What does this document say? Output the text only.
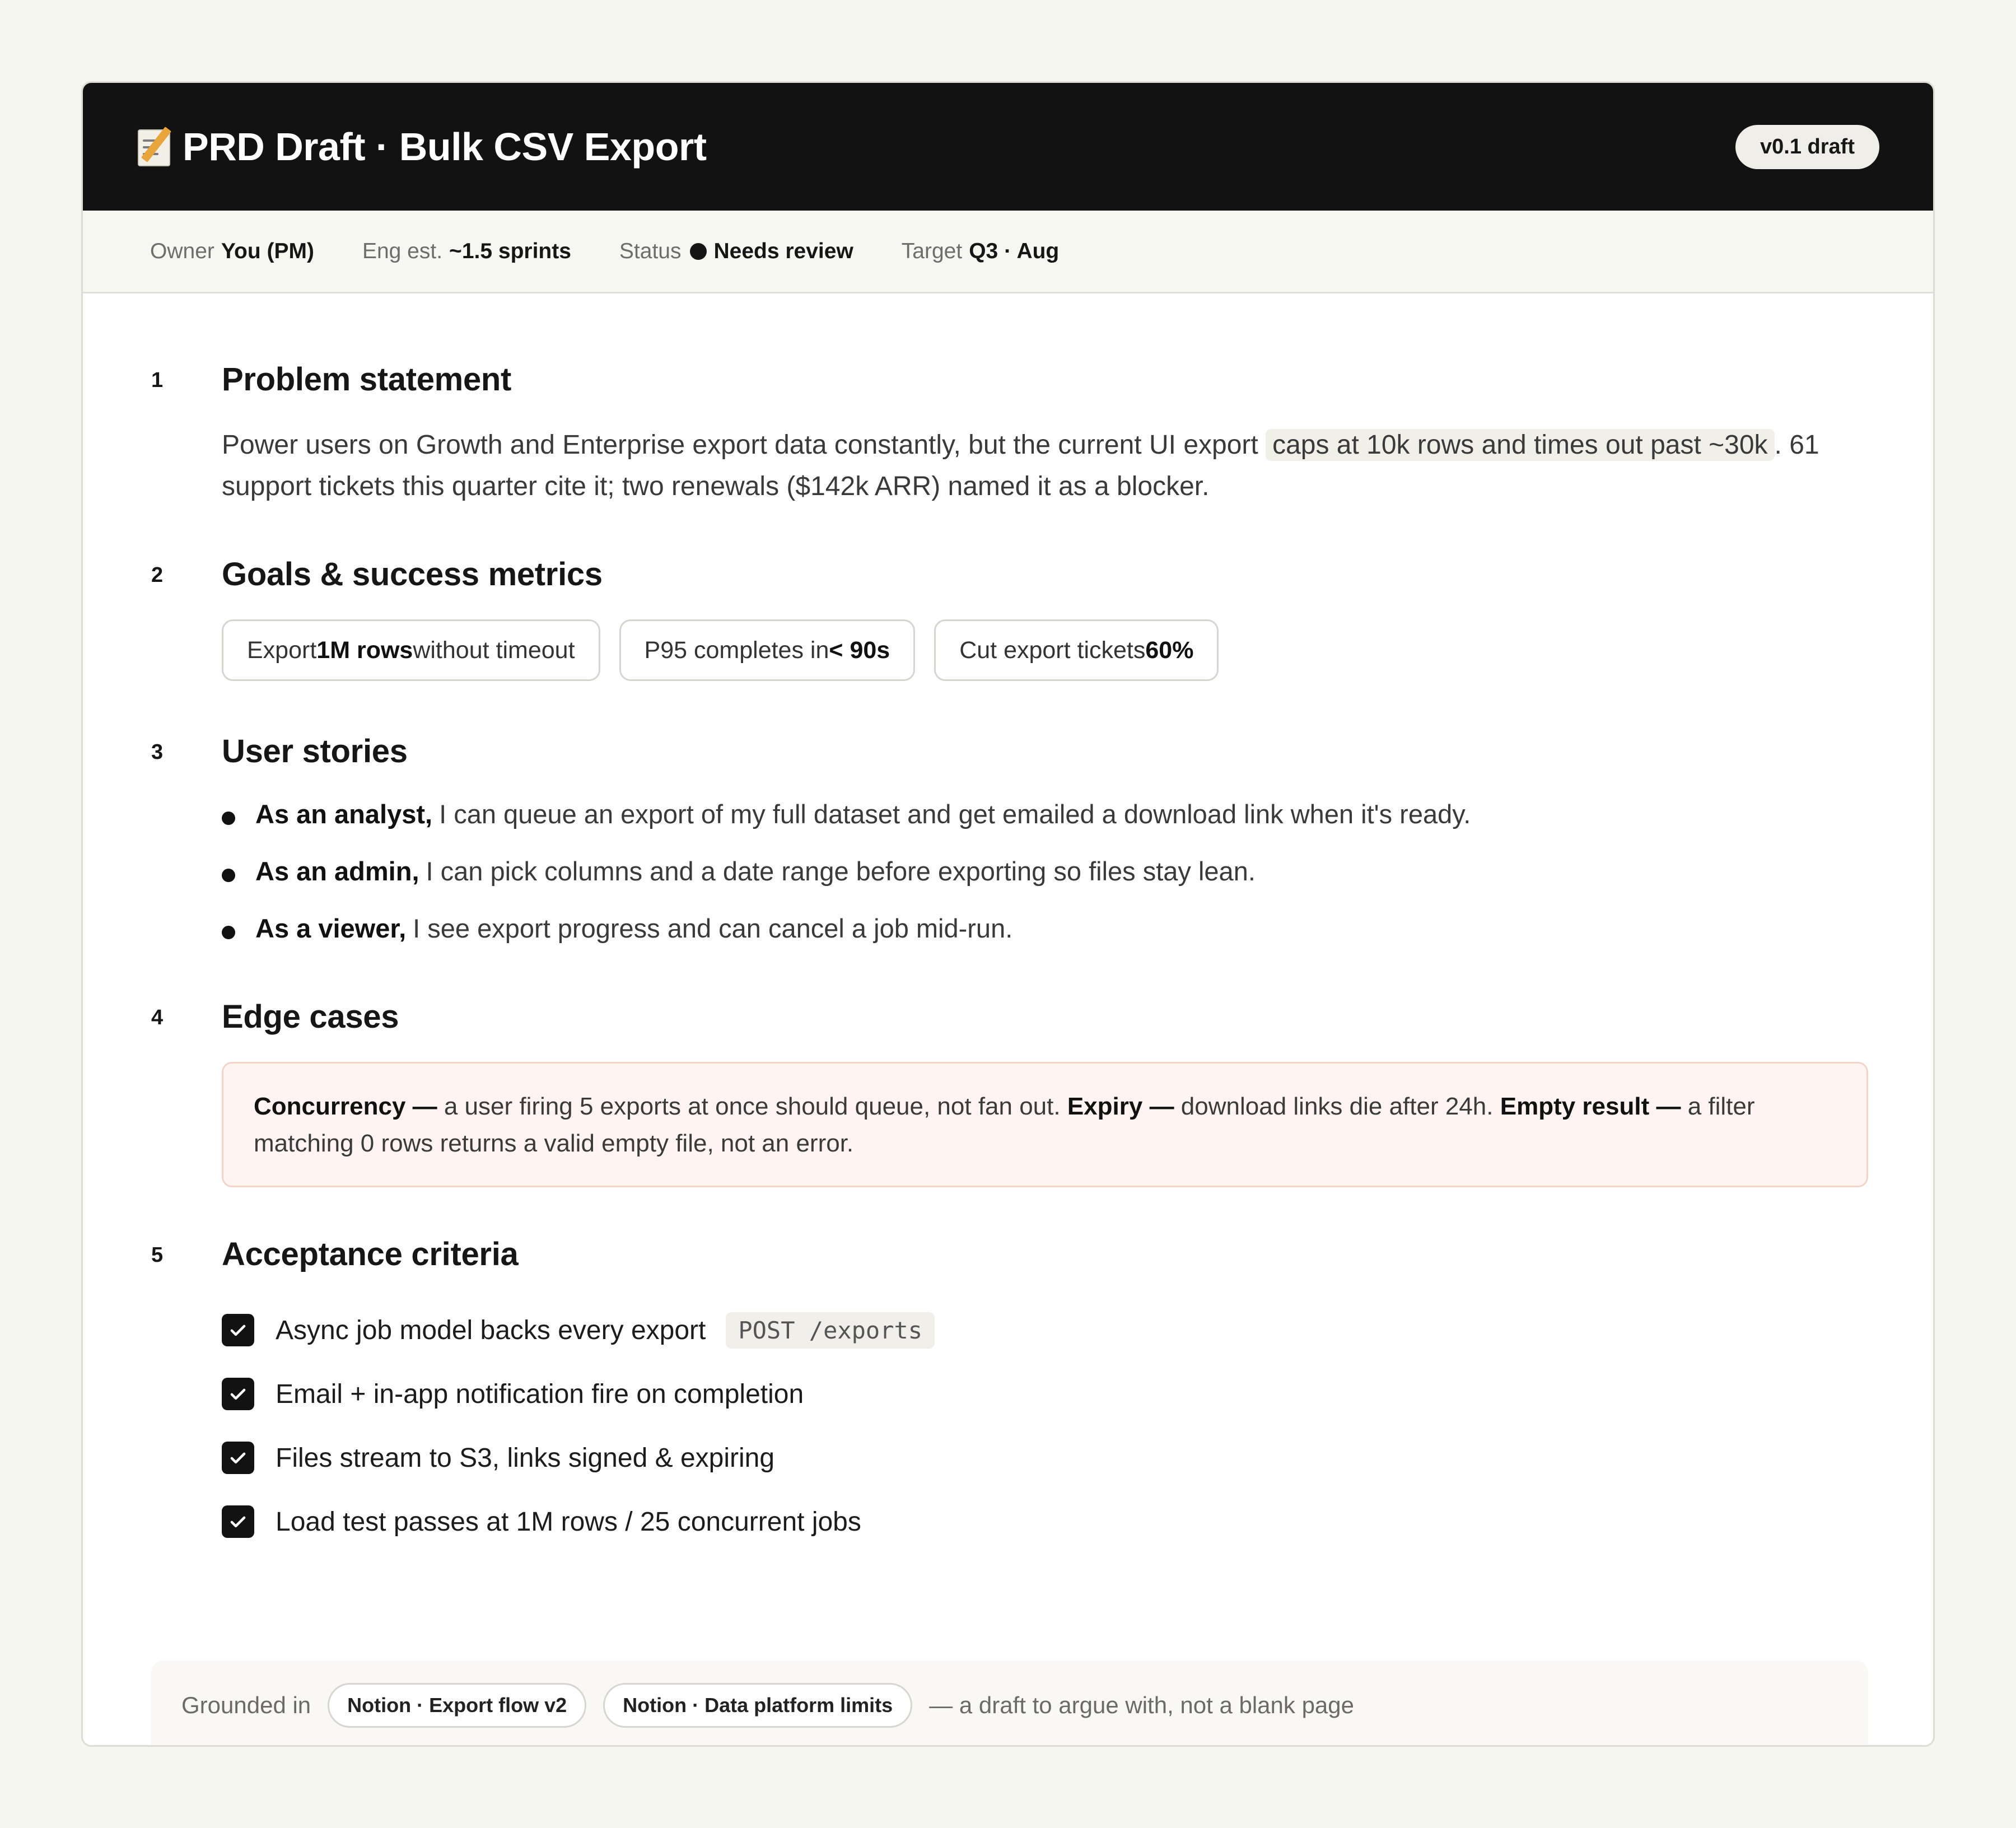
PRD Draft · Bulk CSV Export	v0.1 draft
Owner You (PM) Eng est. ~1.5 sprints Status Needs review Target Q3 · Aug
1 Problem statement
Power users on Growth and Enterprise export data constantly, but the current UI export caps at 10k rows and times out past ~30k . 61
support tickets this quarter cite it; two renewals ($142k ARR) named it as a blocker.
2 Goals & success metrics
Export 1M rows without timeout	P95 completes in < 90s	Cut export tickets 60%
3 User stories
As an analyst, I can queue an export of my full dataset and get emailed a download link when it's ready.
As an admin, I can pick columns and a date range before exporting so files stay lean.
As a viewer, I see export progress and can cancel a job mid-run.
4 Edge cases
Concurrency — a user firing 5 exports at once should queue, not fan out. Expiry — download links die after 24h. Empty result — a filter
matching 0 rows returns a valid empty file, not an error.
5 Acceptance criteria
Async job model backs every export	POST /exports
Email + in-app notification fire on completion
Files stream to S3, links signed & expiring
Load test passes at 1M rows / 25 concurrent jobs
Grounded in	Notion · Export flow v2	Notion · Data platform limits	— a draft to argue with, not a blank page
